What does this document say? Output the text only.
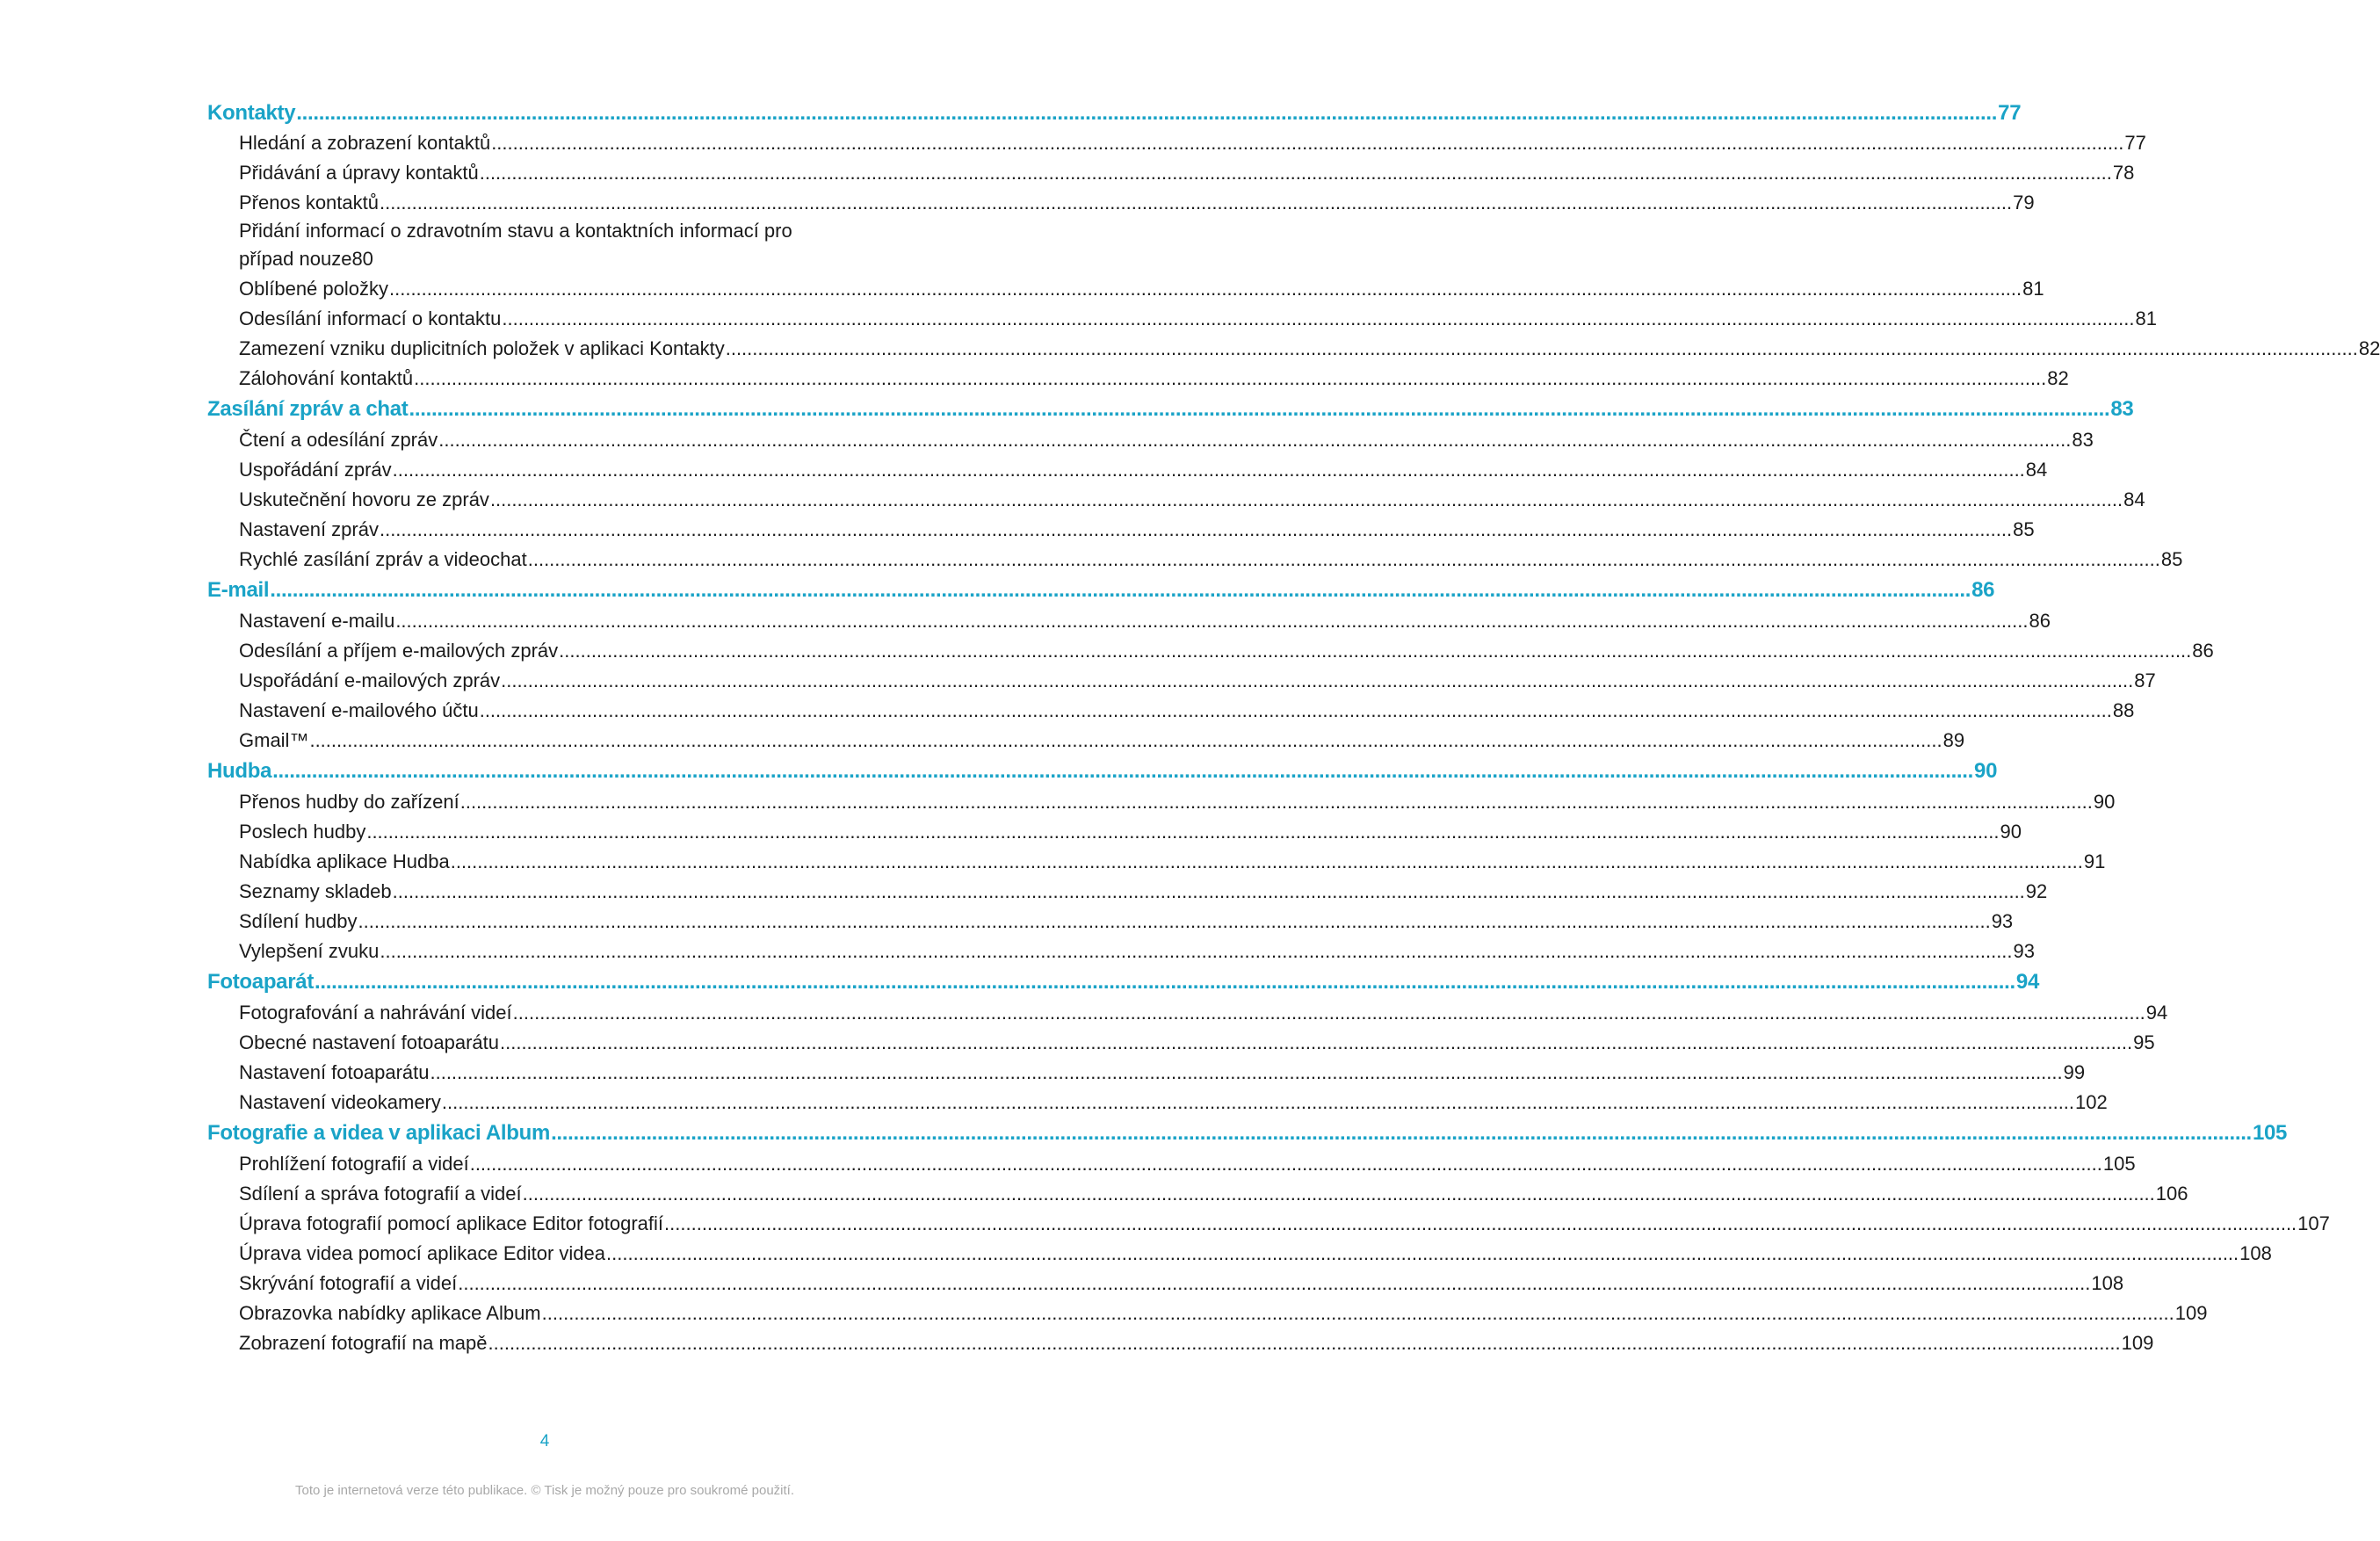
Kontakty .....	77
Hledání a zobrazení kontaktů .....	77
Přidávání a úpravy kontaktů .....	78
Přenos kontaktů .....	79
Přidání informací o zdravotním stavu a kontaktních informací pro
případ nouze 80
Oblíbené položky .....	81
Odesílání informací o kontaktu .....	81
Zamezení vzniku duplicitních položek v aplikaci Kontakty .....	82
Zálohování kontaktů .....	82
Zasílání zpráv a chat .....	83
Čtení a odesílání zpráv .....	83
Uspořádání zpráv .....	84
Uskutečnění hovoru ze zpráv .....	84
Nastavení zpráv .....	85
Rychlé zasílání zpráv a videochat .....	85
E-mail .....	86
Nastavení e-mailu .....	86
Odesílání a příjem e-mailových zpráv .....	86
Uspořádání e-mailových zpráv .....	87
Nastavení e-mailového účtu .....	88
Gmail™ .....	89
Hudba .....	90
Přenos hudby do zařízení .....	90
Poslech hudby .....	90
Nabídka aplikace Hudba .....	91
Seznamy skladeb .....	92
Sdílení hudby .....	93
Vylepšení zvuku .....	93
Fotoaparát .....	94
Fotografování a nahrávání videí .....	94
Obecné nastavení fotoaparátu .....	95
Nastavení fotoaparátu .....	99
Nastavení videokamery .....	102
Fotografie a videa v aplikaci Album .....	105
Prohlížení fotografií a videí .....	105
Sdílení a správa fotografií a videí .....	106
Úprava fotografií pomocí aplikace Editor fotografií .....	107
Úprava videa pomocí aplikace Editor videa .....	108
Skrývání fotografií a videí .....	108
Obrazovka nabídky aplikace Album .....	109
Zobrazení fotografií na mapě .....	109
4
Toto je internetová verze této publikace. © Tisk je možný pouze pro soukromé použití.
